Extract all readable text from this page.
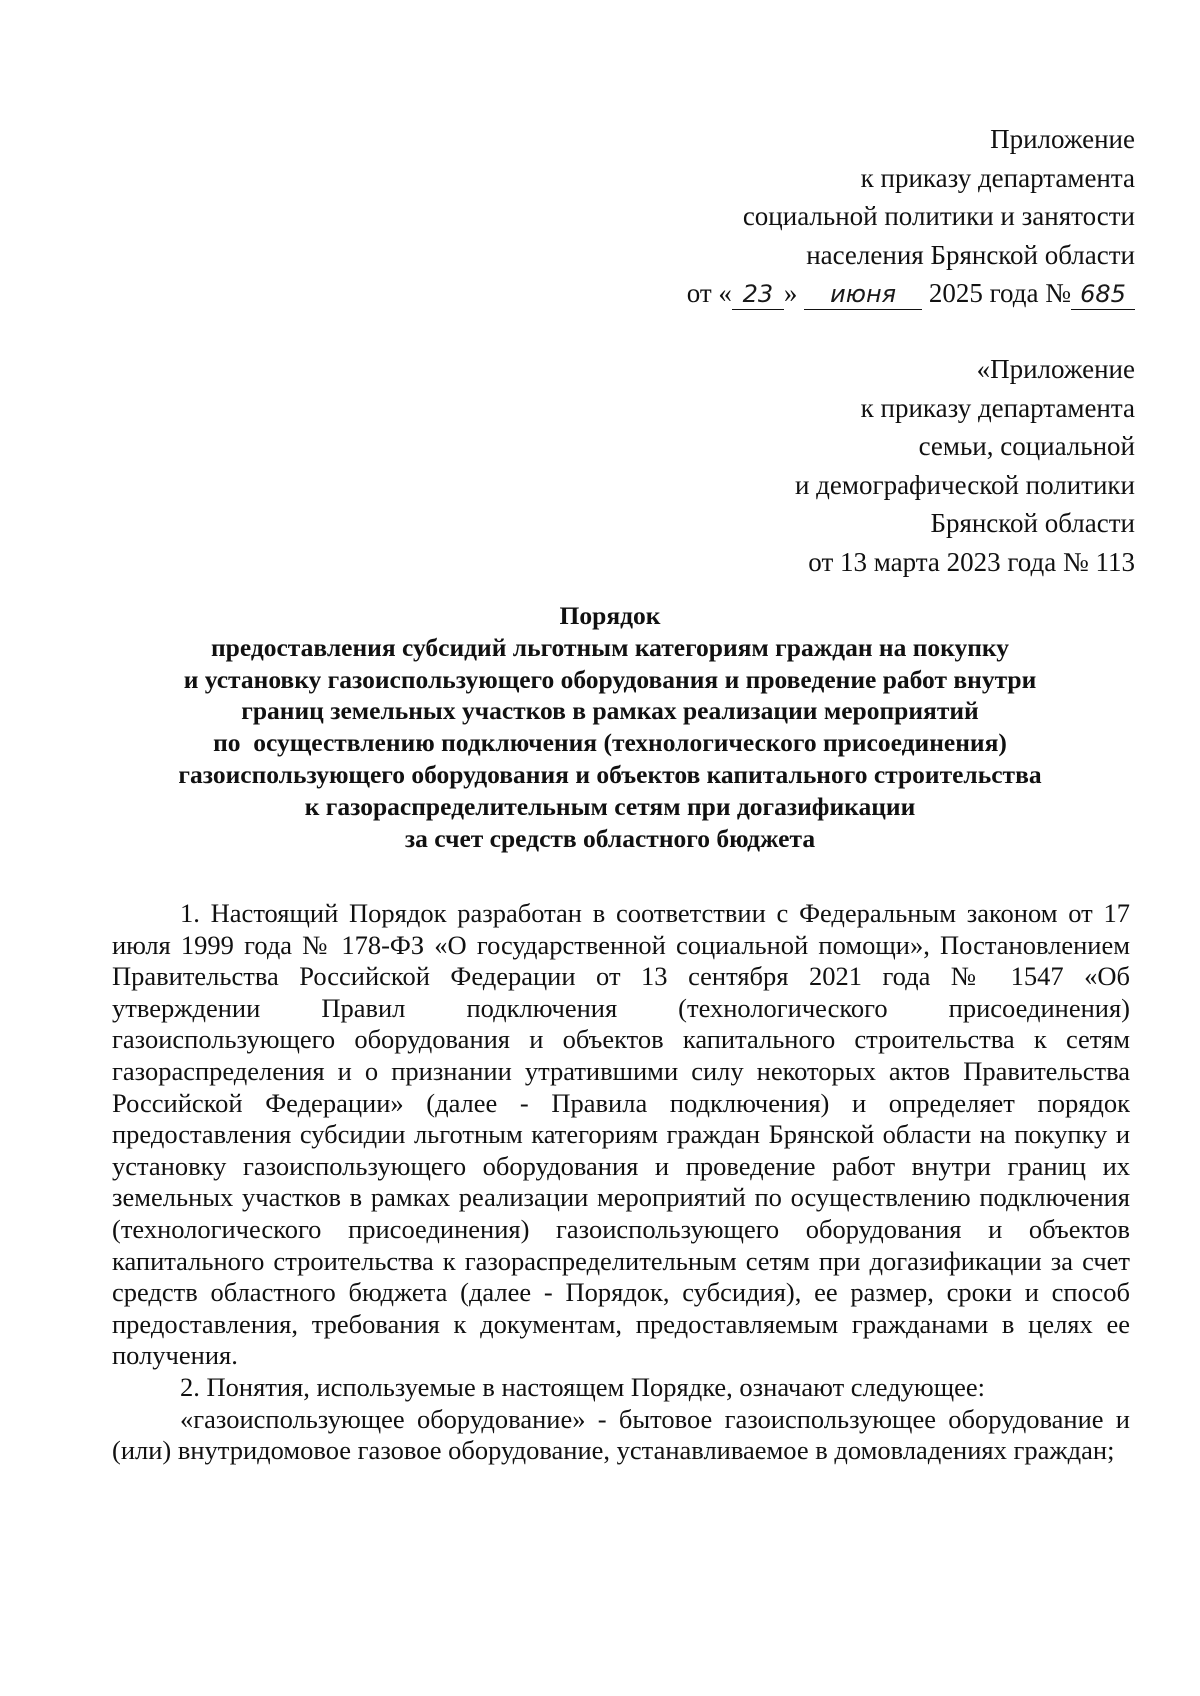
Приложение
к приказу департамента
социальной политики и занятости
населения Брянской области
от « 23 » июня 2025 года № 685
«Приложение
к приказу департамента
семьи, социальной
и демографической политики
Брянской области
от 13 марта 2023 года № 113
Порядок
предоставления субсидий льготным категориям граждан на покупку
и установку газоиспользующего оборудования и проведение работ внутри
границ земельных участков в рамках реализации мероприятий
по  осуществлению подключения (технологического присоединения)
газоиспользующего оборудования и объектов капитального строительства
к газораспределительным сетям при догазификации
за счет средств областного бюджета

1. Настоящий Порядок разработан в соответствии с Федеральным законом от 17 июля 1999 года № 178-ФЗ «О государственной социальной помощи», Постановлением Правительства Российской Федерации от 13 сентября 2021 года № 1547 «Об утверждении Правил подключения (технологического присоединения) газоиспользующего оборудования и объектов капитального строительства к сетям газораспределения и о признании утратившими силу некоторых актов Правительства Российской Федерации» (далее - Правила подключения) и определяет порядок предоставления субсидии льготным категориям граждан Брянской области на покупку и установку газоиспользующего оборудования и проведение работ внутри границ их земельных участков в рамках реализации мероприятий по осуществлению подключения (технологического присоединения) газоиспользующего оборудования и объектов капитального строительства к газораспределительным сетям при догазификации за счет средств областного бюджета (далее - Порядок, субсидия), ее размер, сроки и способ предоставления, требования к документам, предоставляемым гражданами в целях ее получения.

2. Понятия, используемые в настоящем Порядке, означают следующее:

«газоиспользующее оборудование» - бытовое газоиспользующее оборудование и (или) внутридомовое газовое оборудование, устанавливаемое в домовладениях граждан;
